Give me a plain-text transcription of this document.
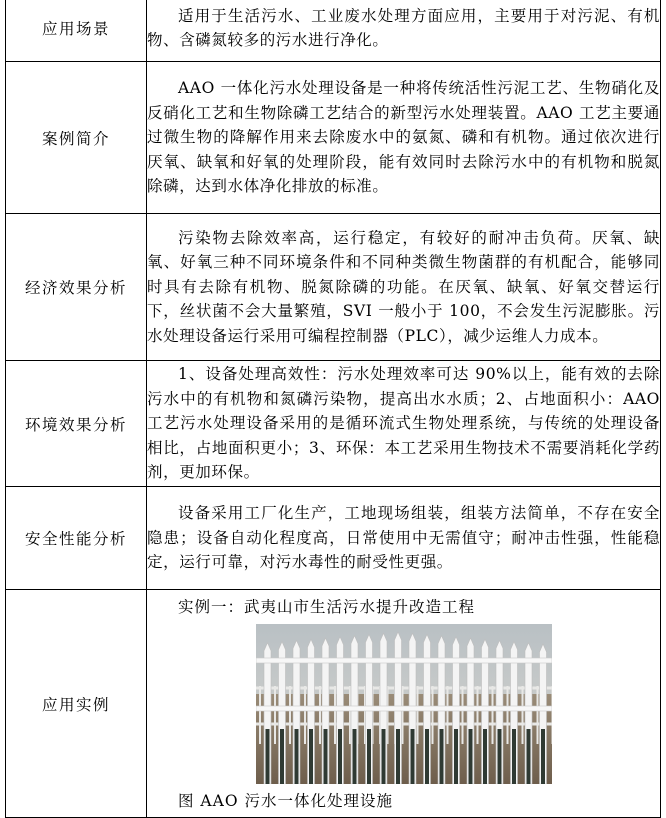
应用场景	适用于生活污水、工业废水处理方面应用，主要用于对污泥、有机物、含磷氮较多的污水进行净化。
案例简介	AAO 一体化污水处理设备是一种将传统活性污泥工艺、生物硝化及反硝化工艺和生物除磷工艺结合的新型污水处理装置。AAO 工艺主要通过微生物的降解作用来去除废水中的氨氮、磷和有机物。通过依次进行厌氧、缺氧和好氧的处理阶段，能有效同时去除污水中的有机物和脱氮除磷，达到水体净化排放的标准。
经济效果分析	污染物去除效率高，运行稳定，有较好的耐冲击负荷。厌氧、缺氧、好氧三种不同环境条件和不同种类微生物菌群的有机配合，能够同时具有去除有机物、脱氮除磷的功能。在厌氧、缺氧、好氧交替运行下，丝状菌不会大量繁殖，SVI 一般小于 100，不会发生污泥膨胀。污水处理设备运行采用可编程控制器（PLC），减少运维人力成本。
环境效果分析	1、设备处理高效性：污水处理效率可达 90%以上，能有效的去除污水中的有机物和氮磷污染物，提高出水水质；2、占地面积小：AAO 工艺污水处理设备采用的是循环流式生物处理系统，与传统的处理设备相比，占地面积更小；3、环保：本工艺采用生物技术不需要消耗化学药剂，更加环保。
安全性能分析	设备采用工厂化生产，工地现场组装，组装方法简单，不存在安全隐患；设备自动化程度高，日常使用中无需值守；耐冲击性强，性能稳定，运行可靠，对污水毒性的耐受性更强。
应用实例	实例一：武夷山市生活污水提升改造工程
图 AAO 污水一体化处理设施
